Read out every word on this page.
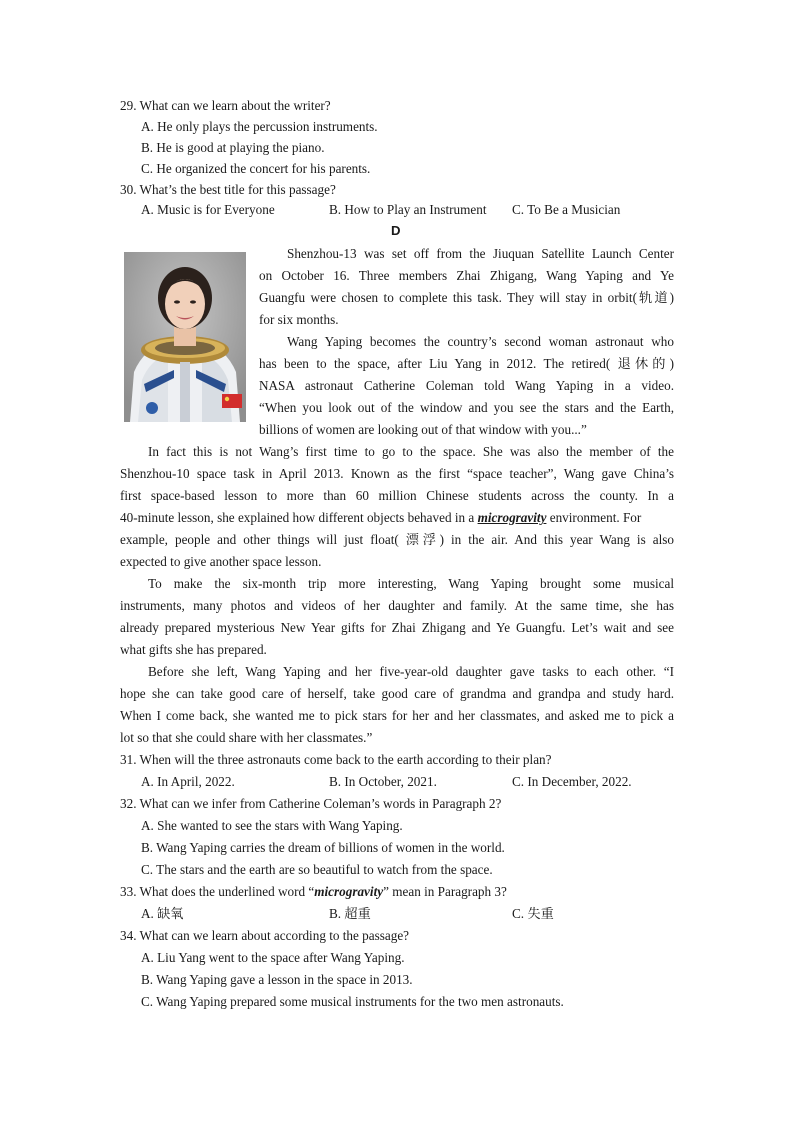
29. What can we learn about the writer?
A. He only plays the percussion instruments.
B. He is good at playing the piano.
C. He organized the concert for his parents.
30. What’s the best title for this passage?
A. Music is for Everyone	B. How to Play an Instrument C. To Be a Musician
D
Shenzhou-13 was set off from the Jiuquan Satellite Launch Center
on October 16. Three members Zhai Zhigang, Wang Yaping and Ye
Guangfu were chosen to complete this task. They will stay in orbit(轨道)
for six months.
Wang Yaping becomes the country’s second woman astronaut who
has been to the space, after Liu Yang in 2012. The retired( 退休的)
NASA astronaut Catherine Coleman told Wang Yaping in a video.
“When you look out of the window and you see the stars and the Earth,
billions of women are looking out of that window with you...”
In fact this is not Wang’s first time to go to the space. She was also the member of the
Shenzhou-10 space task in April 2013. Known as the first “space teacher”, Wang gave China’s
first space-based lesson to more than 60 million Chinese students across the county. In a
40-minute lesson, she explained how different objects behaved in a microgravity environment. For
example, people and other things will just float( 漂浮) in the air. And this year Wang is also
expected to give another space lesson.
To make the six-month trip more interesting, Wang Yaping brought some musical
instruments, many photos and videos of her daughter and family. At the same time, she has
already prepared mysterious New Year gifts for Zhai Zhigang and Ye Guangfu. Let’s wait and see
what gifts she has prepared.
Before she left, Wang Yaping and her five-year-old daughter gave tasks to each other. “I
hope she can take good care of herself, take good care of grandma and grandpa and study hard.
When I come back, she wanted me to pick stars for her and her classmates, and asked me to pick a
lot so that she could share with her classmates.”
31. When will the three astronauts come back to the earth according to their plan?
A. In April, 2022.	B. In October, 2021.	C. In December, 2022.
32. What can we infer from Catherine Coleman’s words in Paragraph 2?
A. She wanted to see the stars with Wang Yaping.
B. Wang Yaping carries the dream of billions of women in the world.
C. The stars and the earth are so beautiful to watch from the space.
33. What does the underlined word “microgravity” mean in Paragraph 3?
A. 缺氧	B. 超重	C. 失重
34. What can we learn about according to the passage?
A. Liu Yang went to the space after Wang Yaping.
B. Wang Yaping gave a lesson in the space in 2013.
C. Wang Yaping prepared some musical instruments for the two men astronauts.
